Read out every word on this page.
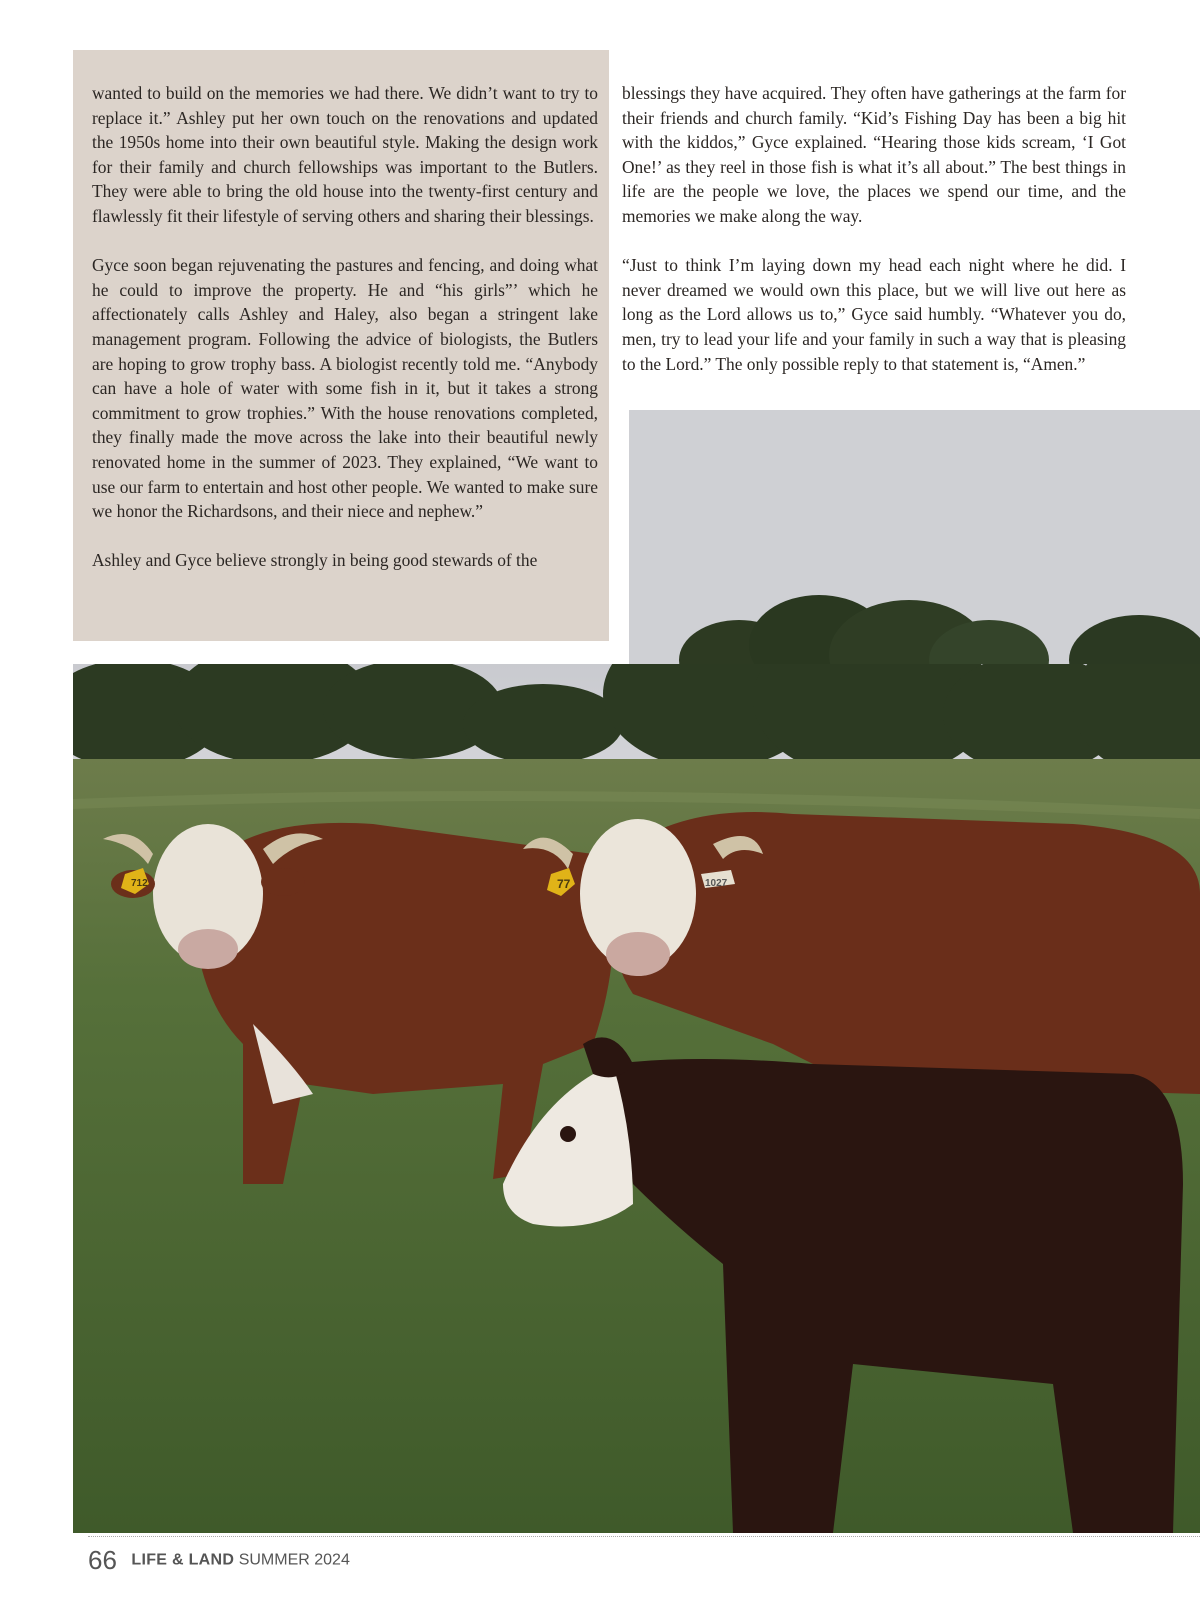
wanted to build on the memories we had there. We didn’t want to try to replace it.” Ashley put her own touch on the renovations and updated the 1950s home into their own beautiful style. Making the design work for their family and church fellowships was important to the Butlers. They were able to bring the old house into the twenty-first century and flawlessly fit their lifestyle of serving others and sharing their blessings.

Gyce soon began rejuvenating the pastures and fencing, and doing what he could to improve the property. He and “his girls”’ which he affectionately calls Ashley and Haley, also began a stringent lake management program. Following the advice of biologists, the Butlers are hoping to grow trophy bass. A biologist recently told me. “Anybody can have a hole of water with some fish in it, but it takes a strong commitment to grow trophies.” With the house renovations completed, they finally made the move across the lake into their beautiful newly renovated home in the summer of 2023. They explained, “We want to use our farm to entertain and host other people. We wanted to make sure we honor the Richardsons, and their niece and nephew.”

Ashley and Gyce believe strongly in being good stewards of the

blessings they have acquired. They often have gatherings at the farm for their friends and church family. “Kid’s Fishing Day has been a big hit with the kiddos,” Gyce explained. “Hearing those kids scream, ‘I Got One!’ as they reel in those fish is what it’s all about.” The best things in life are the people we love, the places we spend our time, and the memories we make along the way.

“Just to think I’m laying down my head each night where he did. I never dreamed we would own this place, but we will live out here as long as the Lord allows us to,” Gyce said humbly. “Whatever you do, men, try to lead your life and your family in such a way that is pleasing to the Lord.” The only possible reply to that statement is, “Amen.”

712	77	1027
66 LIFE & LAND SUMMER 2024
